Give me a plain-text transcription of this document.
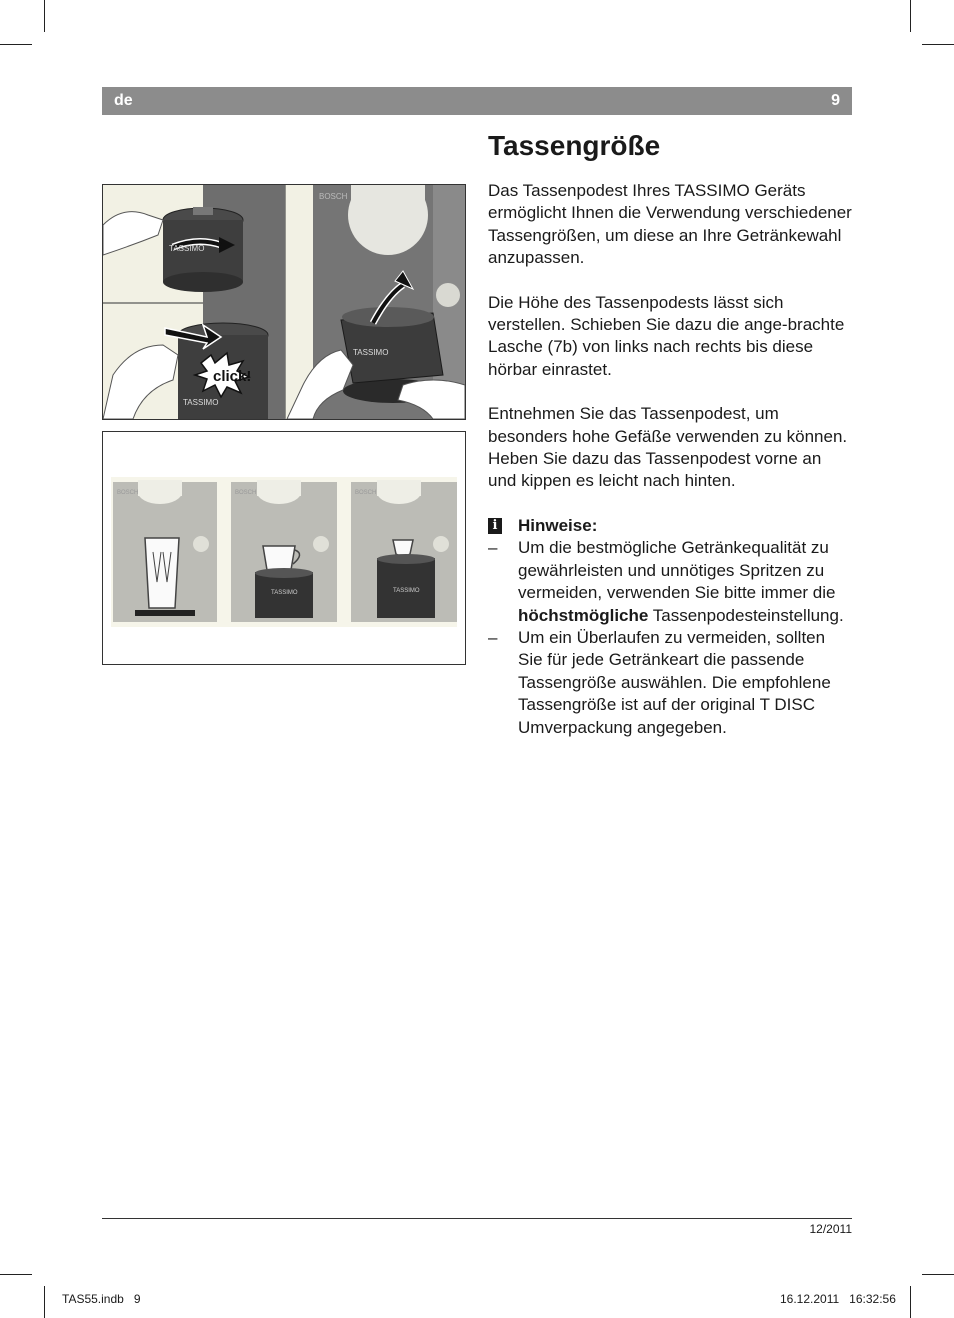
de	9
TASSIMO
click!
TASSIMO
BOSCH
TASSIMO
BOSCH	BOSCH
TASSIMO
BOSCH
TASSIMO
Tassengröße

Das Tassenpodest Ihres TASSIMO Geräts ermöglicht Ihnen die Verwendung verschiedener Tassengrößen, um diese an Ihre Getränkewahl anzupassen.

Die Höhe des Tassenpodests lässt sich verstellen. Schieben Sie dazu die ange-brachte Lasche (7b) von links nach rechts bis diese hörbar einrastet.

Entnehmen Sie das Tassenpodest, um besonders hohe Gefäße verwenden zu können. Heben Sie dazu das Tassenpodest vorne an und kippen es leicht nach hinten.

i Hinweise:
– Um die bestmögliche Getränkequalität zu gewährleisten und unnötiges Spritzen zu vermeiden, verwenden Sie bitte immer die höchstmögliche Tassenpodesteinstellung.
– Um ein Überlaufen zu vermeiden, sollten Sie für jede Getränkeart die passende Tassengröße auswählen. Die empfohlene Tassengröße ist auf der original T DISC Umverpackung angegeben.
12/2011
TAS55.indb   9	16.12.2011   16:32:56
